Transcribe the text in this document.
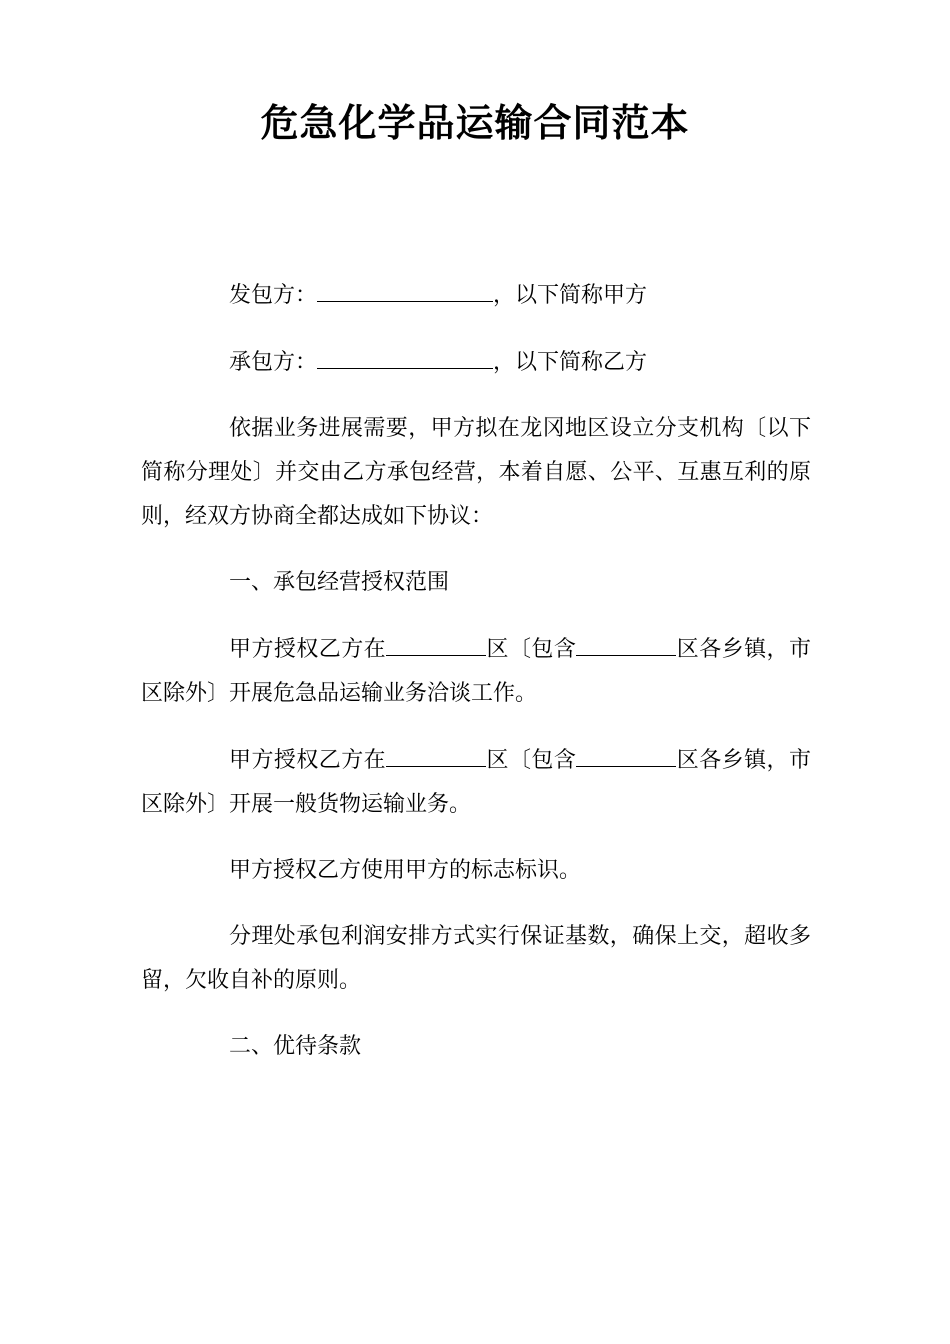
危急化学品运输合同范本

发包方：	，以下简称甲方

承包方：	，以下简称乙方

依据业务进展需要，甲方拟在龙冈地区设立分支机构〔以下简称分理处〕并交由乙方承包经营，本着自愿、公平、互惠互利的原则，经双方协商全都达成如下协议：

一、承包经营授权范围

甲方授权乙方在	区〔包含	区各乡镇，市区除外〕开展危急品运输业务洽谈工作。

甲方授权乙方在	区〔包含	区各乡镇，市区除外〕开展一般货物运输业务。

甲方授权乙方使用甲方的标志标识。

分理处承包利润安排方式实行保证基数，确保上交，超收多留，欠收自补的原则。

二、优待条款
